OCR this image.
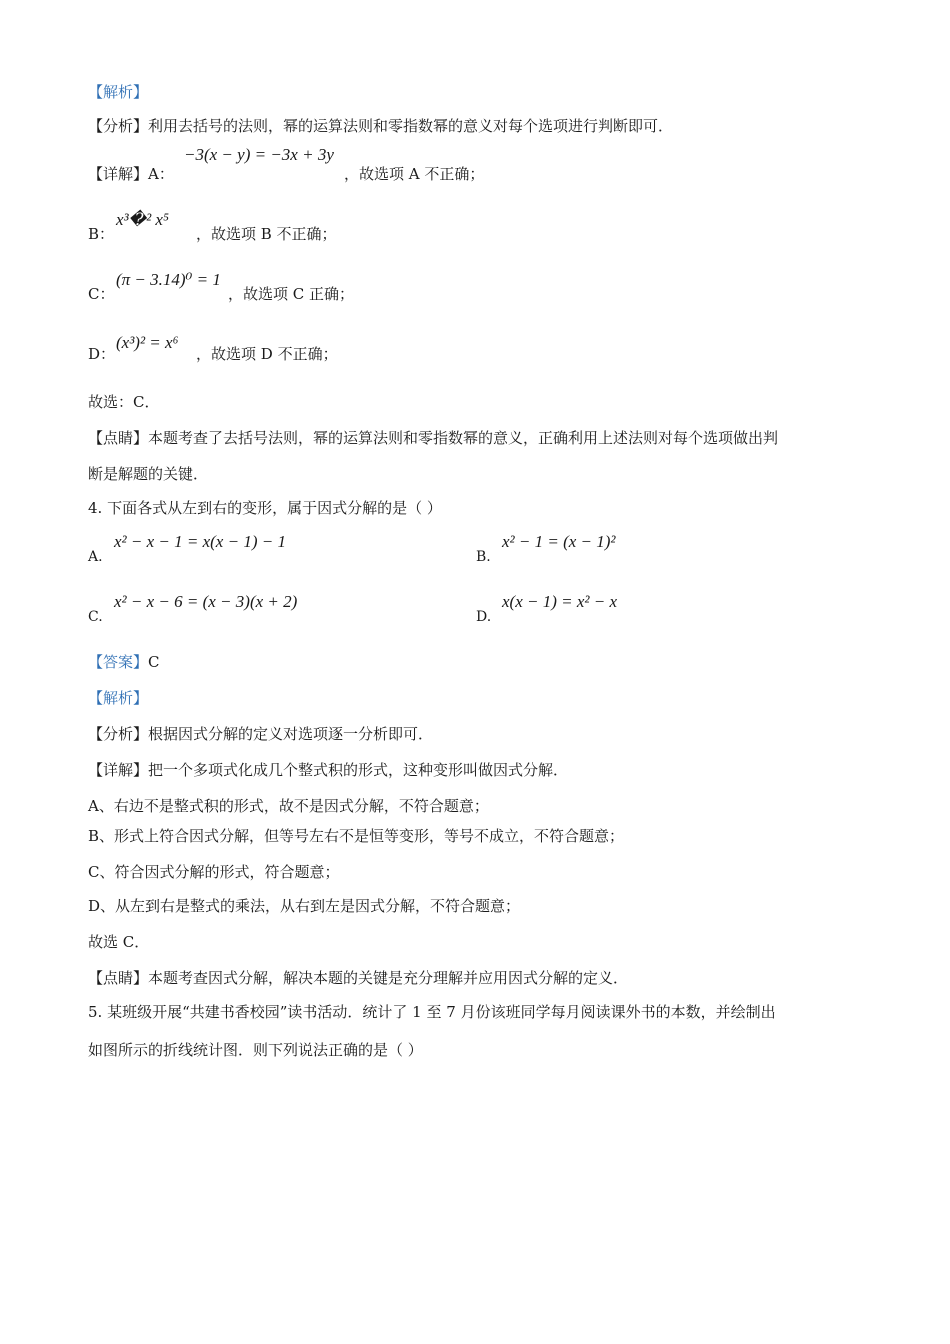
【解析】
【分析】利用去括号的法则，幂的运算法则和零指数幂的意义对每个选项进行判断即可．
【详解】A：
−3(x − y) = −3x + 3y
，故选项 A 不正确；
B：
x³�² x⁵
，故选项 B 不正确；
C：
(π − 3.14)⁰ = 1
，故选项 C 正确；
D：
(x³)² = x⁶
，故选项 D 不正确；
故选：C．
【点睛】本题考查了去括号法则，幂的运算法则和零指数幂的意义，正确利用上述法则对每个选项做出判
断是解题的关键．
4. 下面各式从左到右的变形，属于因式分解的是（ ）
A.
x² − x − 1 = x(x − 1) − 1
B.
x² − 1 = (x − 1)²
C.
x² − x − 6 = (x − 3)(x + 2)
D.
x(x − 1) = x² − x
【答案】C
【解析】
【分析】根据因式分解的定义对选项逐一分析即可．
【详解】把一个多项式化成几个整式积的形式，这种变形叫做因式分解．
A、右边不是整式积的形式，故不是因式分解，不符合题意；
B、形式上符合因式分解，但等号左右不是恒等变形，等号不成立，不符合题意；
C、符合因式分解的形式，符合题意；
D、从左到右是整式的乘法，从右到左是因式分解，不符合题意；
故选 C．
【点睛】本题考查因式分解，解决本题的关键是充分理解并应用因式分解的定义．
5. 某班级开展“共建书香校园”读书活动．统计了 1 至 7 月份该班同学每月阅读课外书的本数，并绘制出
如图所示的折线统计图．则下列说法正确的是（ ）
